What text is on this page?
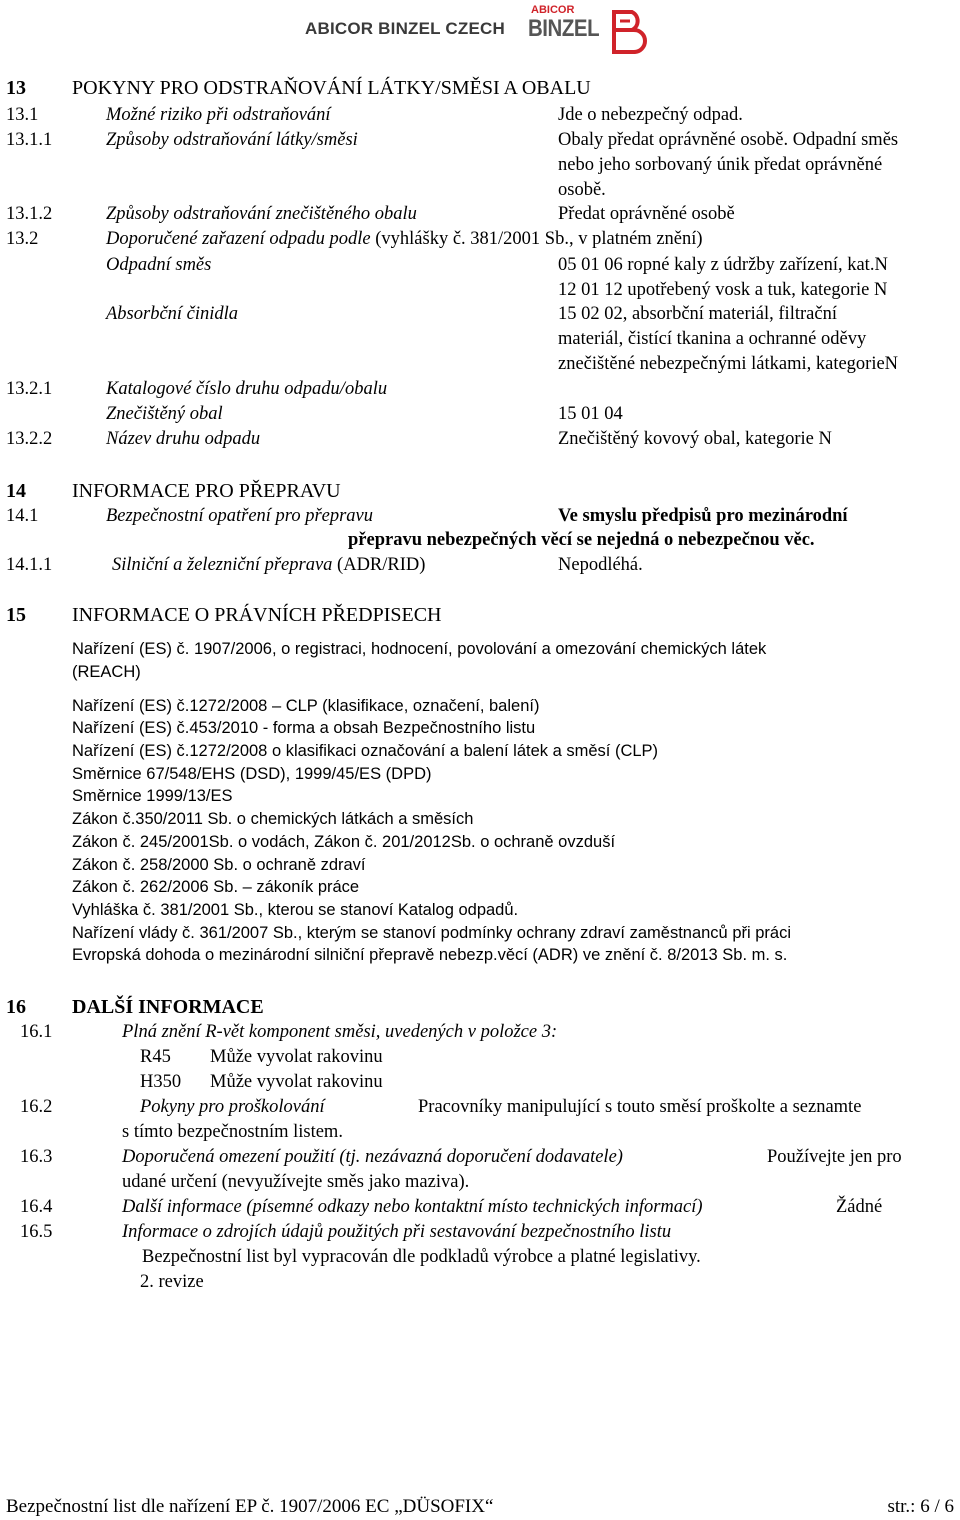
ABICOR BINZEL CZECH
ABICOR
BINZEL
13 POKYNY PRO ODSTRAŇOVÁNÍ LÁTKY/SMĚSI A OBALU
13.1	Možné riziko při odstraňování	Jde o nebezpečný odpad.
13.1.1	Způsoby odstraňování látky/směsi	Obaly předat oprávněné osobě. Odpadní směs
nebo jeho sorbovaný únik předat oprávněné
osobě.
13.1.2	Způsoby odstraňování znečištěného obalu	Předat oprávněné osobě
13.2	Doporučené zařazení odpadu podle (vyhlášky č. 381/2001 Sb., v platném znění)
Odpadní směs	05 01 06 ropné kaly z údržby zařízení, kat.N
12 01 12 upotřebený vosk a tuk, kategorie N
Absorbční činidla	15 02 02, absorbční materiál, filtrační
materiál, čistící tkanina a ochranné oděvy
znečištěné nebezpečnými látkami, kategorieN
13.2.1	Katalogové číslo druhu odpadu/obalu
Znečištěný obal	15 01 04
13.2.2	Název druhu odpadu	Znečištěný kovový obal, kategorie N
14 INFORMACE PRO PŘEPRAVU
14.1	Bezpečnostní opatření pro přepravu	Ve smyslu předpisů pro mezinárodní
přepravu nebezpečných věcí se nejedná o nebezpečnou věc.
14.1.1	Silniční a železniční přeprava (ADR/RID)	Nepodléhá.
15 INFORMACE O PRÁVNÍCH PŘEDPISECH
Nařízení (ES) č. 1907/2006, o registraci, hodnocení, povolování a omezování chemických látek
(REACH)
Nařízení (ES) č.1272/2008 – CLP (klasifikace, označení, balení)
Nařízení (ES) č.453/2010 - forma a obsah Bezpečnostního listu
Nařízení (ES) č.1272/2008 o klasifikaci označování a balení látek a směsí (CLP)
Směrnice 67/548/EHS (DSD), 1999/45/ES (DPD)
Směrnice 1999/13/ES
Zákon č.350/2011 Sb. o chemických látkách a směsích
Zákon č. 245/2001Sb. o vodách, Zákon č. 201/2012Sb. o ochraně ovzduší
Zákon č. 258/2000 Sb. o ochraně zdraví
Zákon č. 262/2006 Sb. – zákoník práce
Vyhláška č. 381/2001 Sb., kterou se stanoví Katalog odpadů.
Nařízení vlády č. 361/2007 Sb., kterým se stanoví podmínky ochrany zdraví zaměstnanců při práci
Evropská dohoda o mezinárodní silniční přepravě nebezp.věcí (ADR) ve znění č. 8/2013 Sb. m. s.
16 DALŠÍ INFORMACE
16.1	Plná znění R-vět komponent směsi, uvedených v položce 3:
R45 Může vyvolat rakovinu
H350 Může vyvolat rakovinu
16.2	Pokyny pro proškolování	Pracovníky manipulující s touto směsí proškolte a seznamte
s tímto bezpečnostním listem.
16.3	Doporučená omezení použití (tj. nezávazná doporučení dodavatele)	Používejte jen pro
udané určení (nevyužívejte směs jako maziva).
16.4	Další informace (písemné odkazy nebo kontaktní místo technických informací)	Žádné
16.5	Informace o zdrojích údajů použitých při sestavování bezpečnostního listu
Bezpečnostní list byl vypracován dle podkladů výrobce a platné legislativy.
2. revize
Bezpečnostní list dle nařízení EP č. 1907/2006 EC „DÜSOFIX“	str.: 6 / 6
